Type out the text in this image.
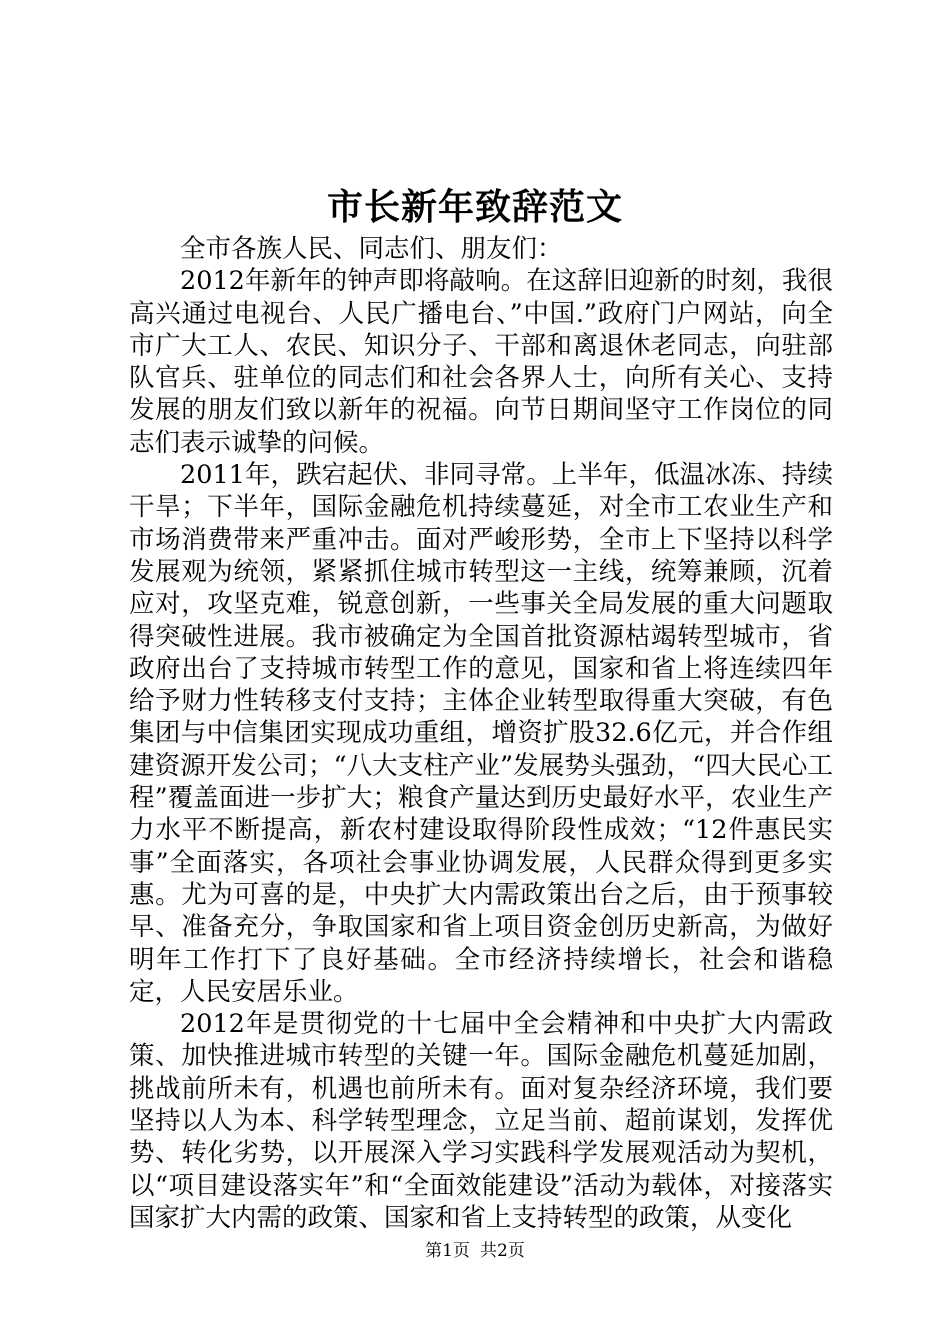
市长新年致辞范文

全市各族人民、同志们、朋友们：

2012年新年的钟声即将敲响。在这辞旧迎新的时刻，我很高兴通过电视台、人民广播电台、”中国.”政府门户网站，向全市广大工人、农民、知识分子、干部和离退休老同志，向驻部队官兵、驻单位的同志们和社会各界人士，向所有关心、支持发展的朋友们致以新年的祝福。向节日期间坚守工作岗位的同志们表示诚挚的问候。

2011年，跌宕起伏、非同寻常。上半年，低温冰冻、持续干旱；下半年，国际金融危机持续蔓延，对全市工农业生产和市场消费带来严重冲击。面对严峻形势，全市上下坚持以科学发展观为统领，紧紧抓住城市转型这一主线，统筹兼顾，沉着应对，攻坚克难，锐意创新，一些事关全局发展的重大问题取得突破性进展。我市被确定为全国首批资源枯竭转型城市，省政府出台了支持城市转型工作的意见，国家和省上将连续四年给予财力性转移支付支持；主体企业转型取得重大突破，有色集团与中信集团实现成功重组，增资扩股32.6亿元，并合作组建资源开发公司；“八大支柱产业”发展势头强劲，“四大民心工程”覆盖面进一步扩大；粮食产量达到历史最好水平，农业生产力水平不断提高，新农村建设取得阶段性成效；“12件惠民实事”全面落实，各项社会事业协调发展，人民群众得到更多实惠。尤为可喜的是，中央扩大内需政策出台之后，由于预事较早、准备充分，争取国家和省上项目资金创历史新高，为做好明年工作打下了良好基础。全市经济持续增长，社会和谐稳定，人民安居乐业。

2012年是贯彻党的十七届中全会精神和中央扩大内需政策、加快推进城市转型的关键一年。国际金融危机蔓延加剧，挑战前所未有，机遇也前所未有。面对复杂经济环境，我们要坚持以人为本、科学转型理念，立足当前、超前谋划，发挥优势、转化劣势，以开展深入学习实践科学发展观活动为契机，以“项目建设落实年”和“全面效能建设”活动为载体，对接落实国家扩大内需的政策、国家和省上支持转型的政策，从变化

第1页 共2页
